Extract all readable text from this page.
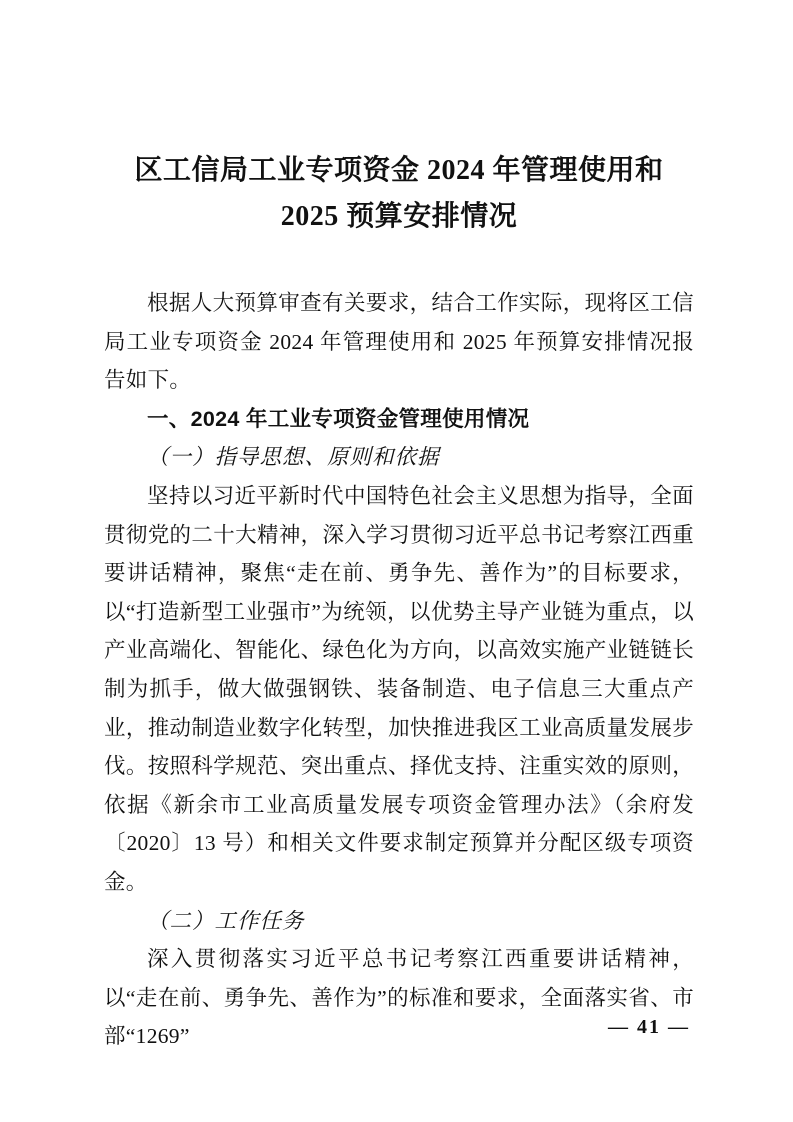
区工信局工业专项资金 2024 年管理使用和
2025 预算安排情况

根据人大预算审查有关要求，结合工作实际，现将区工信局工业专项资金 2024 年管理使用和 2025 年预算安排情况报告如下。

一、2024 年工业专项资金管理使用情况
（一）指导思想、原则和依据

坚持以习近平新时代中国特色社会主义思想为指导，全面贯彻党的二十大精神，深入学习贯彻习近平总书记考察江西重要讲话精神，聚焦“走在前、勇争先、善作为”的目标要求，以“打造新型工业强市”为统领，以优势主导产业链为重点，以产业高端化、智能化、绿色化为方向，以高效实施产业链链长制为抓手，做大做强钢铁、装备制造、电子信息三大重点产业，推动制造业数字化转型，加快推进我区工业高质量发展步伐。按照科学规范、突出重点、择优支持、注重实效的原则，依据《新余市工业高质量发展专项资金管理办法》（余府发〔2020〕13 号）和相关文件要求制定预算并分配区级专项资金。

（二）工作任务

深入贯彻落实习近平总书记考察江西重要讲话精神，以“走在前、勇争先、善作为”的标准和要求，全面落实省、市部“1269”	— 41 —
